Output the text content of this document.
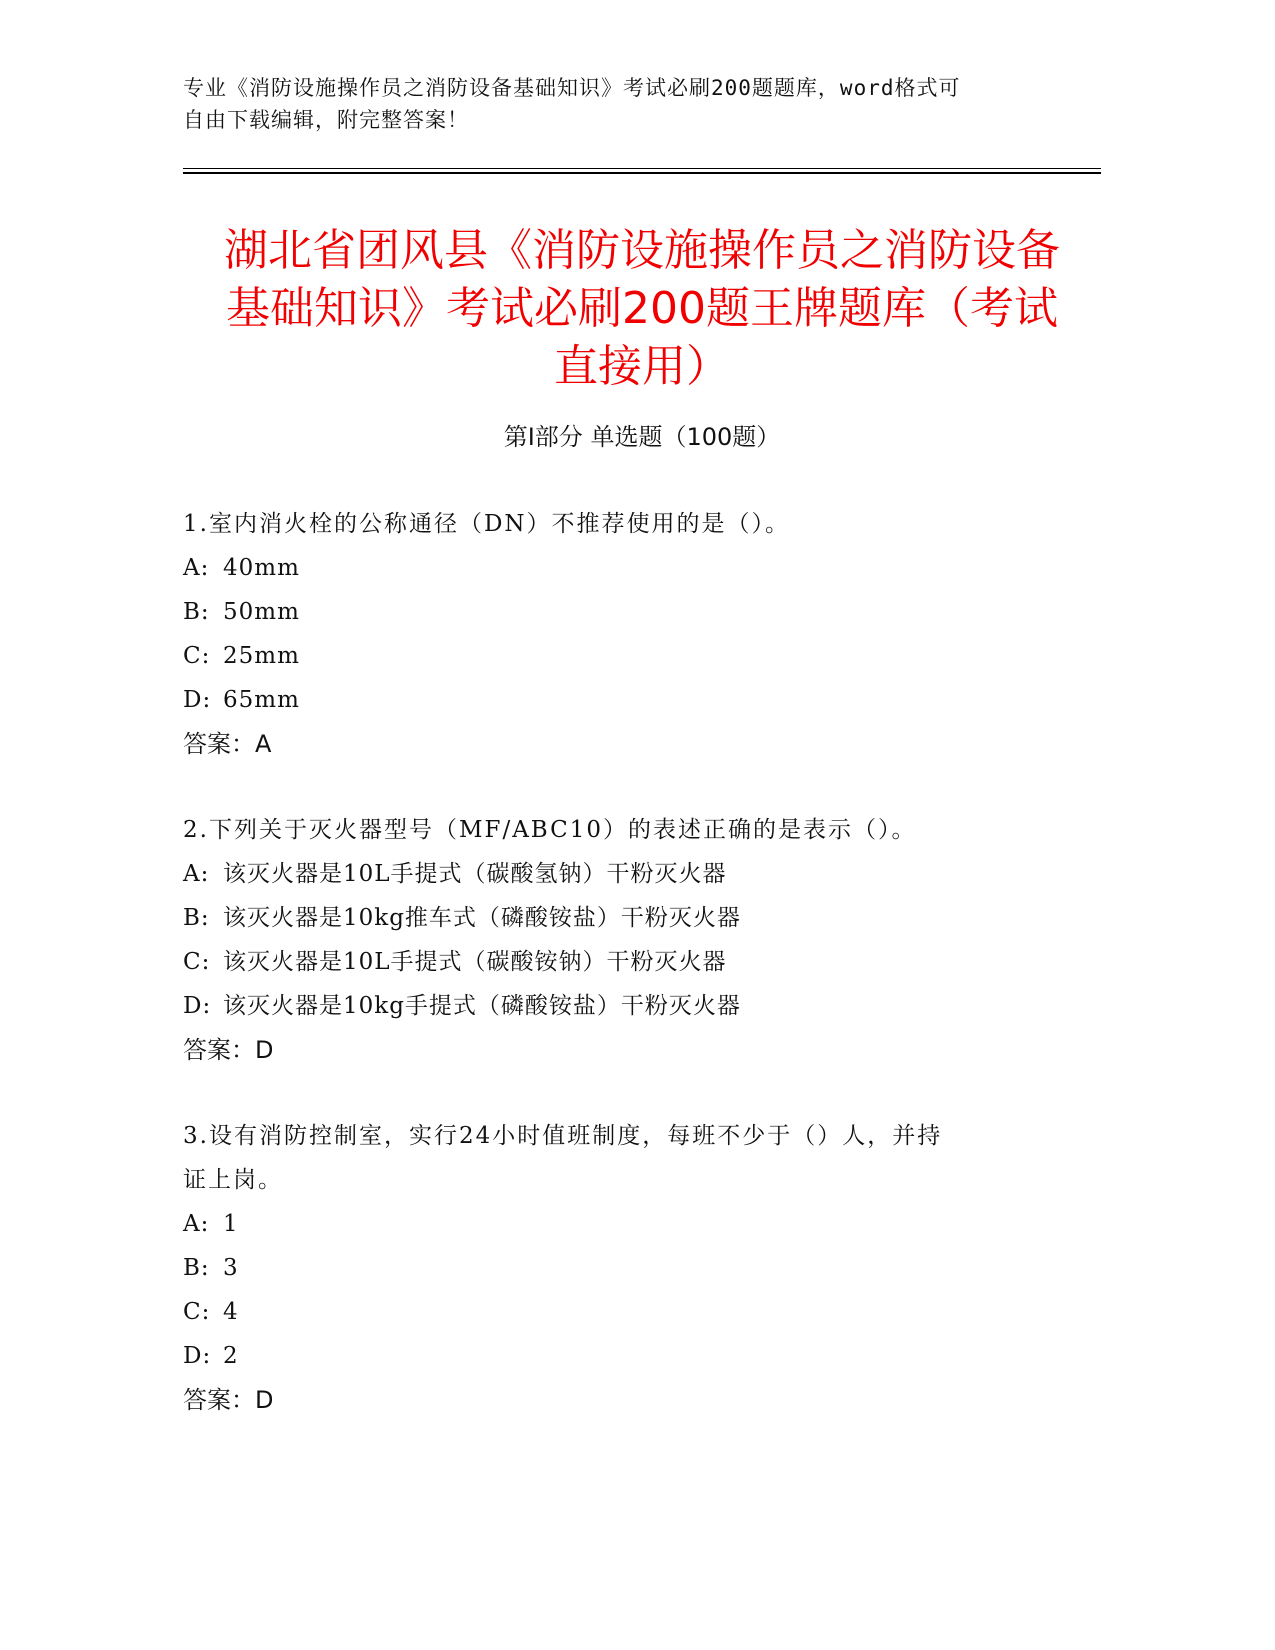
专业《消防设施操作员之消防设备基础知识》考试必刷200题题库，word格式可
自由下载编辑，附完整答案！
湖北省团风县《消防设施操作员之消防设备
基础知识》考试必刷200题王牌题库（考试
直接用）
第Ⅰ部分 单选题（100题）

1.室内消火栓的公称通径（DN）不推荐使用的是（）。

A: 40mm

B: 50mm

C: 25mm

D: 65mm

答案：A

2.下列关于灭火器型号（MF/ABC10）的表述正确的是表示（）。

A: 该灭火器是10L手提式（碳酸氢钠）干粉灭火器

B: 该灭火器是10kg推车式（磷酸铵盐）干粉灭火器

C: 该灭火器是10L手提式（碳酸铵钠）干粉灭火器

D: 该灭火器是10kg手提式（磷酸铵盐）干粉灭火器

答案：D

3.设有消防控制室，实行24小时值班制度，每班不少于（）人，并持

证上岗。

A: 1

B: 3

C: 4

D: 2

答案：D
